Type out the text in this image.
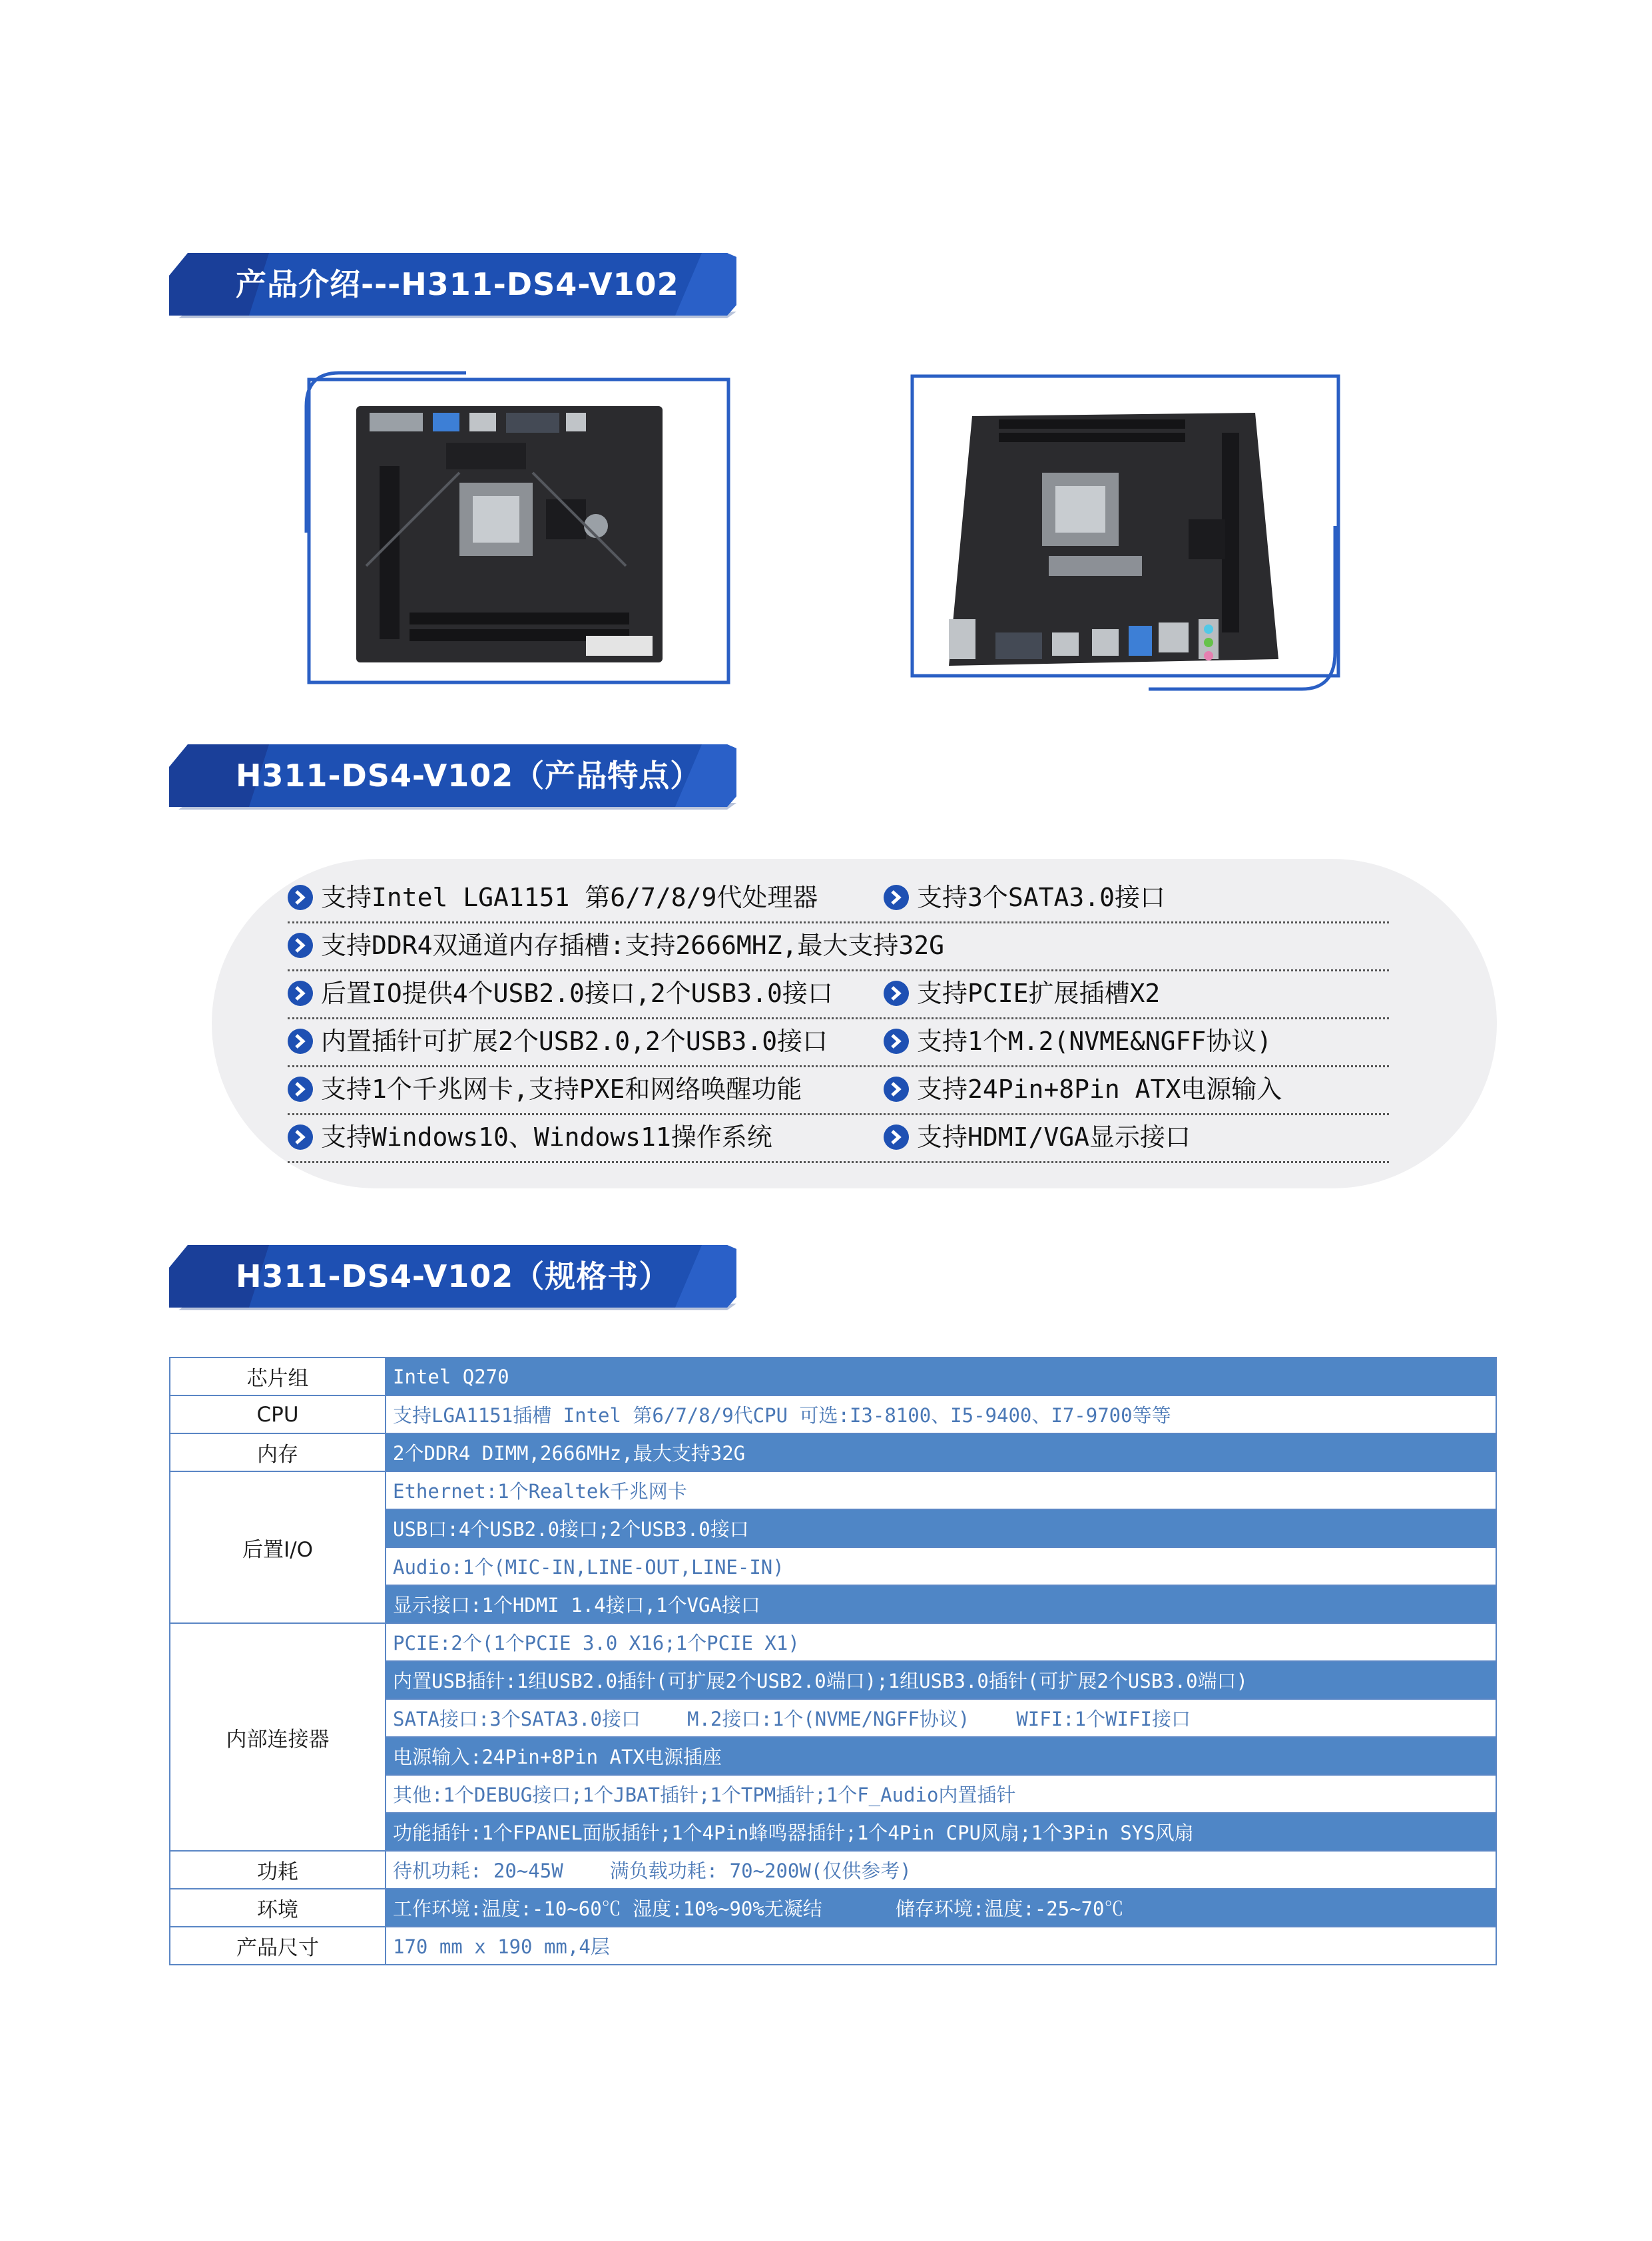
产品介绍---H311-DS4-V102
H311-DS4-V102（产品特点）
支持Intel LGA1151 第6/7/8/9代处理器	支持3个SATA3.0接口
支持DDR4双通道内存插槽:支持2666MHZ,最大支持32G
后置IO提供4个USB2.0接口,2个USB3.0接口	支持PCIE扩展插槽X2
内置插针可扩展2个USB2.0,2个USB3.0接口	支持1个M.2(NVME&NGFF协议)
支持1个千兆网卡,支持PXE和网络唤醒功能	支持24Pin+8Pin ATX电源输入
支持Windows10、Windows11操作系统	支持HDMI/VGA显示接口
H311-DS4-V102（规格书）
芯片组	Intel Q270
CPU	支持LGA1151插槽 Intel 第6/7/8/9代CPU 可选:I3-8100、I5-9400、I7-9700等等
内存	2个DDR4 DIMM,2666MHz,最大支持32G
后置I/O	Ethernet:1个Realtek千兆网卡
	USB口:4个USB2.0接口;2个USB3.0接口
	Audio:1个(MIC-IN,LINE-OUT,LINE-IN)
	显示接口:1个HDMI 1.4接口,1个VGA接口
内部连接器	PCIE:2个(1个PCIE 3.0 X16;1个PCIE X1)
	内置USB插针:1组USB2.0插针(可扩展2个USB2.0端口);1组USB3.0插针(可扩展2个USB3.0端口)
	SATA接口:3个SATA3.0接口 M.2接口:1个(NVME/NGFF协议) WIFI:1个WIFI接口
	电源输入:24Pin+8Pin ATX电源插座
	其他:1个DEBUG接口;1个JBAT插针;1个TPM插针;1个F_Audio内置插针
	功能插针:1个FPANEL面版插针;1个4Pin蜂鸣器插针;1个4Pin CPU风扇;1个3Pin SYS风扇
功耗	待机功耗: 20~45W 满负载功耗: 70~200W(仅供参考)
环境	工作环境:温度:-10~60℃ 湿度:10%~90%无凝结 储存环境:温度:-25~70℃
产品尺寸	170 mm x 190 mm,4层
